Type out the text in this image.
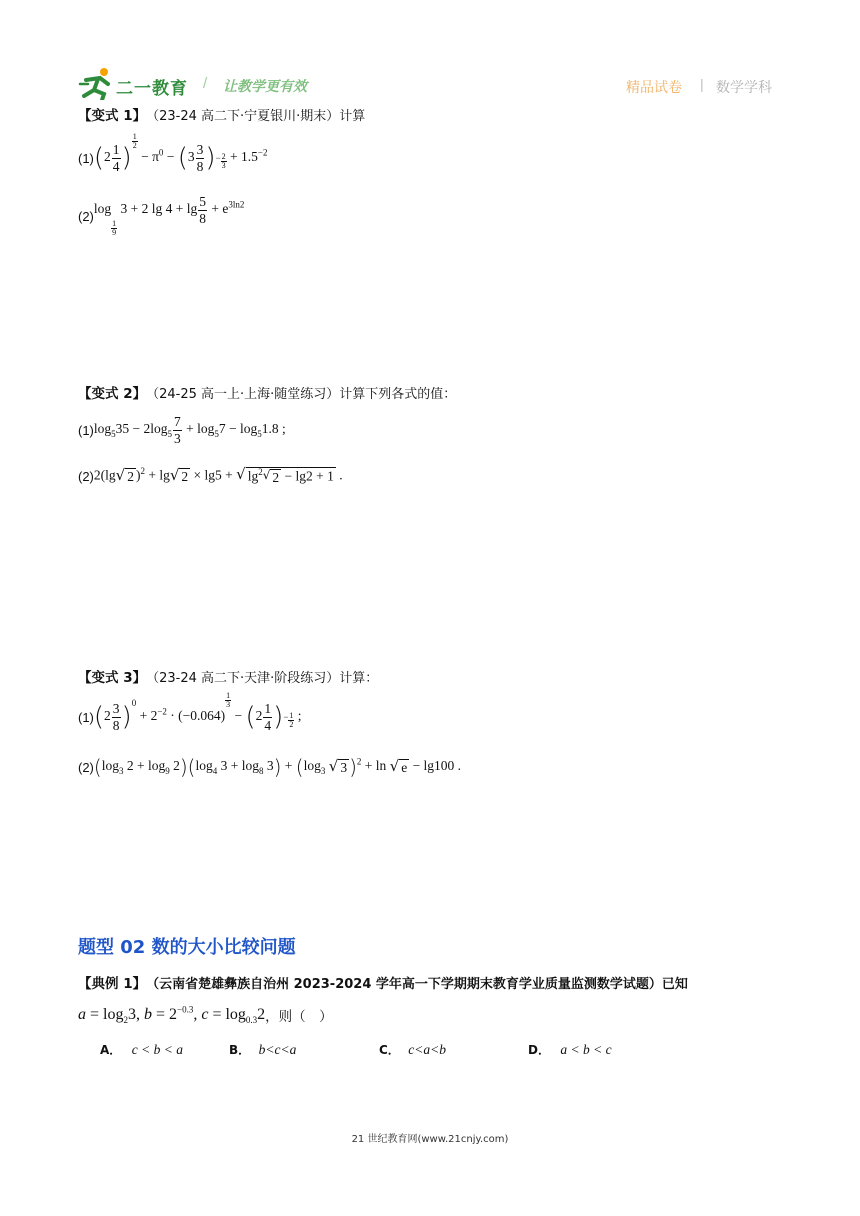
二一教育 / 让教学更有效	精品试卷 | 数学学科
【变式 1】 （23-24 高二下·宁夏银川·期末）计算
(1) ($2 \frac{1}{4}$ )
$\frac{1}{2}$
− $\pi^0 - (3 \frac{3}{8}$ ) − $\frac{2}{3} + 1.5^{-2}$
(2) log
1
9
3 + 2 $\lg 4 + \lg \frac{5}{8} + e^{3ln2}$
【变式 2】 （24-25 高一上·上海·随堂练习）计算下列各式的值：
(1) $\log_535 - 2\log_5 \frac{7}{3} + \log_57 - \log_51.8$ ;
(2) 2(lg √ 2 )$^2$ + lg √ 2 × lg5 + √ $\lg^2$ √ 2 − lg2 + 1 .
【变式 3】 （23-24 高二下·天津·阶段练习）计算：
(1) $(2 \frac{3}{8} )^0 + 2^{-2} \cdot (-0.064)$
$\frac{1}{3}$
− ($2 \frac{1}{4}$ ) − $\frac{1}{2}$ ;
(2) ($\log_3$ $2 + \log_9 2)(\log_4$ $3 + \log_8 3) + (\log_3$ √ 3 )$^2$ + ln √ e − lg100 .
题型 02 数的大小比较问题
【典例 1】 （云南省楚雄彝族自治州 2023-2024 学年高一下学期期末教育学业质量监测数学试题）已知
$a = \log_23$, $b = 2^{-0.3}$, $c = \log_{0.3}2$ ，则（　）
A． c < b < a	B． b<c<a	C． c<a<b	D． a < b < c
21 世纪教育网(www.21cnjy.com)
